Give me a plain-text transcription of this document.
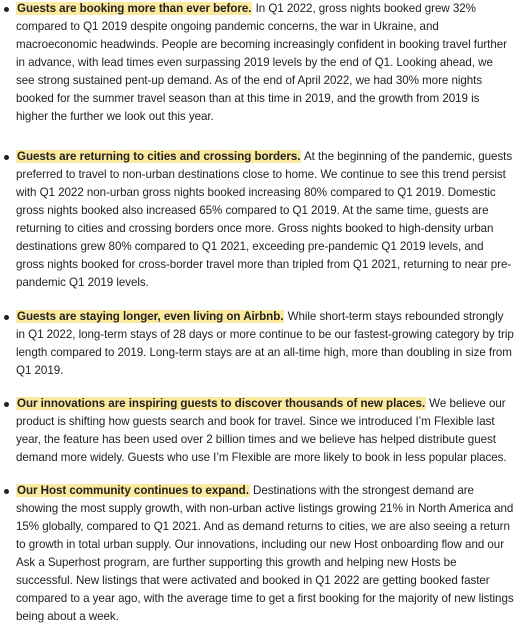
Guests are booking more than ever before. In Q1 2022, gross nights booked grew 32% compared to Q1 2019 despite ongoing pandemic concerns, the war in Ukraine, and macroeconomic headwinds. People are becoming increasingly confident in booking travel further in advance, with lead times even surpassing 2019 levels by the end of Q1. Looking ahead, we see strong sustained pent-up demand. As of the end of April 2022, we had 30% more nights booked for the summer travel season than at this time in 2019, and the growth from 2019 is higher the further we look out this year.
Guests are returning to cities and crossing borders. At the beginning of the pandemic, guests preferred to travel to non-urban destinations close to home. We continue to see this trend persist with Q1 2022 non-urban gross nights booked increasing 80% compared to Q1 2019. Domestic gross nights booked also increased 65% compared to Q1 2019. At the same time, guests are returning to cities and crossing borders once more. Gross nights booked to high-density urban destinations grew 80% compared to Q1 2021, exceeding pre-pandemic Q1 2019 levels, and gross nights booked for cross-border travel more than tripled from Q1 2021, returning to near pre-pandemic Q1 2019 levels.
Guests are staying longer, even living on Airbnb. While short-term stays rebounded strongly in Q1 2022, long-term stays of 28 days or more continue to be our fastest-growing category by trip length compared to 2019. Long-term stays are at an all-time high, more than doubling in size from Q1 2019.
Our innovations are inspiring guests to discover thousands of new places. We believe our product is shifting how guests search and book for travel. Since we introduced I’m Flexible last year, the feature has been used over 2 billion times and we believe has helped distribute guest demand more widely. Guests who use I’m Flexible are more likely to book in less popular places.
Our Host community continues to expand. Destinations with the strongest demand are showing the most supply growth, with non-urban active listings growing 21% in North America and 15% globally, compared to Q1 2021. And as demand returns to cities, we are also seeing a return to growth in total urban supply. Our innovations, including our new Host onboarding flow and our Ask a Superhost program, are further supporting this growth and helping new Hosts be successful. New listings that were activated and booked in Q1 2022 are getting booked faster compared to a year ago, with the average time to get a first booking for the majority of new listings being about a week.
